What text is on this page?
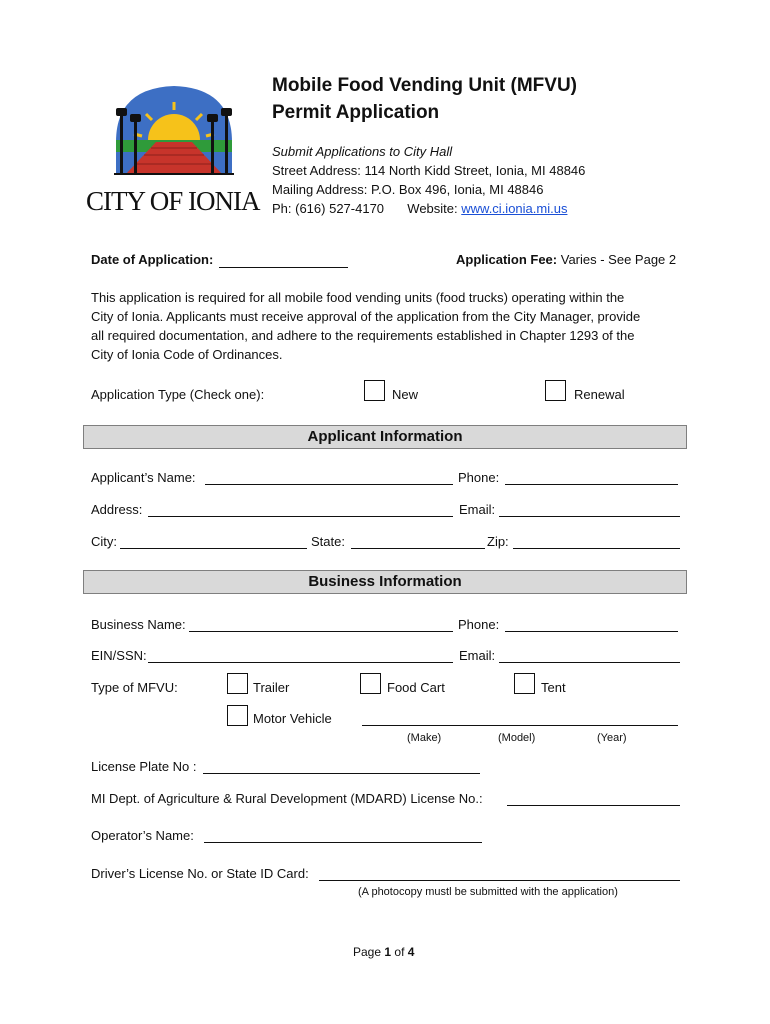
CITY OF IONIA
Mobile Food Vending Unit (MFVU)
Permit Application
Submit Applications to City Hall
Street Address: 114 North Kidd Street, Ionia, MI 48846
Mailing Address: P.O. Box 496, Ionia, MI 48846
Ph: (616) 527-4170 Website: www.ci.ionia.mi.us
Date of Application:	Application Fee: Varies - See Page 2
This application is required for all mobile food vending units (food trucks) operating within the
City of Ionia. Applicants must receive approval of the application from the City Manager, provide
all required documentation, and adhere to the requirements established in Chapter 1293 of the
City of Ionia Code of Ordinances.
Application Type (Check one):	New	Renewal
Applicant Information
Applicant’s Name:	Phone:
Address:	Email:
City:	State:	Zip:
Business Information
Business Name:	Phone:
EIN/SSN:	Email:
Type of MFVU:	Trailer	Food Cart	Tent
Motor Vehicle
(Make)	(Model)	(Year)
License Plate No :
MI Dept. of Agriculture & Rural Development (MDARD) License No.:
Operator’s Name:
Driver’s License No. or State ID Card:
(A photocopy mustl be submitted with the application)
Page 1 of 4
